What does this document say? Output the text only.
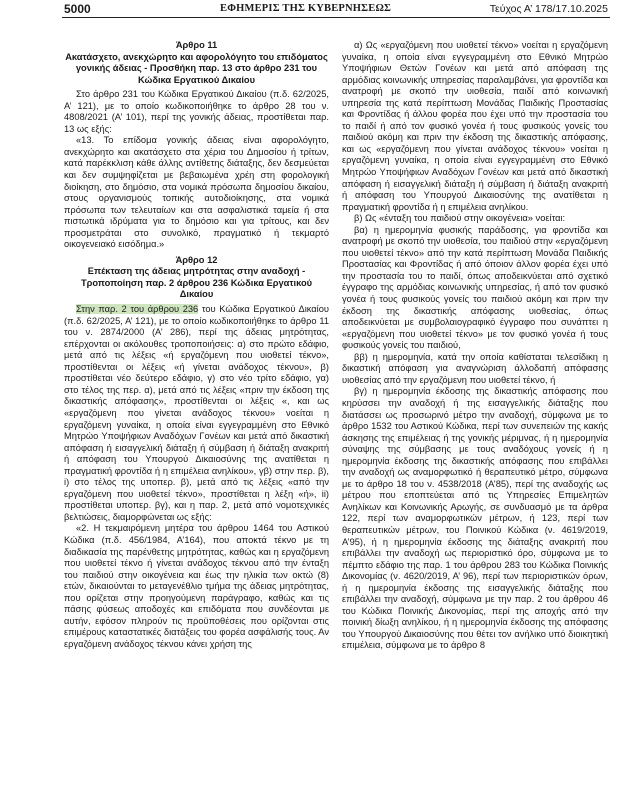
5000	ΕΦΗΜΕΡΙΣ ΤΗΣ ΚΥΒΕΡΝΗΣΕΩΣ	Τεύχος Α’ 178/17.10.2025
Άρθρο 11
Ακατάσχετο, ανεκχώρητο και αφορολόγητο του επιδόματος γονικής άδειας - Προσθήκη παρ. 13 στο άρθρο 231 του Κώδικα Εργατικού Δικαίου

Στο άρθρο 231 του Κώδικα Εργατικού Δικαίου (π.δ. 62/2025, Α’ 121), με το οποίο κωδικοποιήθηκε το άρθρο 28 του ν. 4808/2021 (Α’ 101), περί της γονικής άδειας, προστίθεται παρ. 13 ως εξής:

«13. Το επίδομα γονικής άδειας είναι αφορολόγητο, ανεκχώρητο και ακατάσχετο στα χέρια του Δημοσίου ή τρίτων, κατά παρέκκλιση κάθε άλλης αντίθετης διάταξης, δεν δεσμεύεται και δεν συμψηφίζεται με βεβαιωμένα χρέη στη φορολογική διοίκηση, στο δημόσιο, στα νομικά πρόσωπα δημοσίου δικαίου, στους οργανισμούς τοπικής αυτοδιοίκησης, στα νομικά πρόσωπα των τελευταίων και στα ασφαλιστικά ταμεία ή στα πιστωτικά ιδρύματα για το δημόσιο και για τρίτους, και δεν προσμετράται στο συνολικό, πραγματικό ή τεκμαρτό οικογενειακό εισόδημα.»

Άρθρο 12
Επέκταση της άδειας μητρότητας στην αναδοχή - Τροποποίηση παρ. 2 άρθρου 236 Κώδικα Εργατικού Δικαίου

Στην παρ. 2 του άρθρου 236 του Κώδικα Εργατικού Δικαίου (π.δ. 62/2025, Α’ 121), με το οποίο κωδικοποιήθηκε το άρθρο 11 του ν. 2874/2000 (Α’ 286), περί της άδειας μητρότητας, επέρχονται οι ακόλουθες τροποποιήσεις: α) στο πρώτο εδάφιο, μετά από τις λέξεις «ή εργαζόμενη που υιοθετεί τέκνο», προστίθενται οι λέξεις «ή γίνεται ανάδοχος τέκνου», β) προστίθεται νέο δεύτερο εδάφιο, γ) στο νέο τρίτο εδάφιο, γα) στο τέλος της περ. α), μετά από τις λέξεις «πριν την έκδοση της δικαστικής απόφασης», προστίθενται οι λέξεις «, και ως «εργαζόμενη που γίνεται ανάδοχος τέκνου» νοείται η εργαζόμενη γυναίκα, η οποία είναι εγγεγραμμένη στο Εθνικό Μητρώο Υποψήφιων Αναδόχων Γονέων και μετά από δικαστική απόφαση ή εισαγγελική διάταξη ή σύμβαση ή διάταξη ανακριτή ή απόφαση του Υπουργού Δικαιοσύνης της ανατίθεται η πραγματική φροντίδα ή η επιμέλεια ανηλίκου», γβ) στην περ. β), i) στο τέλος της υποπερ. β), μετά από τις λέξεις «από την εργαζόμενη που υιοθετεί τέκνο», προστίθεται η λέξη «ή», ii) προστίθεται υποπερ. βγ), και η παρ. 2, μετά από νομοτεχνικές βελτιώσεις, διαμορφώνεται ως εξής:

«2. Η τεκμαιρόμενη μητέρα του άρθρου 1464 του Αστικού Κώδικα (π.δ. 456/1984, Α’164), που αποκτά τέκνο με τη διαδικασία της παρένθετης μητρότητας, καθώς και η εργαζόμενη που υιοθετεί τέκνο ή γίνεται ανάδοχος τέκνου από την ένταξη του παιδιού στην οικογένεια και έως την ηλικία των οκτώ (8) ετών, δικαιούνται το μεταγενέθλιο τμήμα της άδειας μητρότητας, που ορίζεται στην προηγούμενη παράγραφο, καθώς και τις πάσης φύσεως αποδοχές και επιδόματα που συνδέονται με αυτήν, εφόσον πληρούν τις προϋποθέσεις που ορίζονται στις επιμέρους καταστατικές διατάξεις του φορέα ασφάλισής τους. Αν εργαζόμενη ανάδοχος τέκνου κάνει χρήση της

α) Ως «εργαζόμενη που υιοθετεί τέκνο» νοείται η εργαζόμενη γυναίκα, η οποία είναι εγγεγραμμένη στο Εθνικό Μητρώο Υποψήφιων Θετών Γονέων και μετά από απόφαση της αρμόδιας κοινωνικής υπηρεσίας παραλαμβάνει, για φροντίδα και ανατροφή με σκοπό την υιοθεσία, παιδί από κοινωνική υπηρεσία της κατά περίπτωση Μονάδας Παιδικής Προστασίας και Φροντίδας ή άλλου φορέα που έχει υπό την προστασία του το παιδί ή από τον φυσικό γονέα ή τους φυσικούς γονείς του παιδιού ακόμη και πριν την έκδοση της δικαστικής απόφασης, και ως «εργαζόμενη που γίνεται ανάδοχος τέκνου» νοείται η εργαζόμενη γυναίκα, η οποία είναι εγγεγραμμένη στο Εθνικό Μητρώο Υποψήφιων Αναδόχων Γονέων και μετά από δικαστική απόφαση ή εισαγγελική διάταξη ή σύμβαση ή διάταξη ανακριτή ή απόφαση του Υπουργού Δικαιοσύνης της ανατίθεται η πραγματική φροντίδα ή η επιμέλεια ανηλίκου.

β) Ως «ένταξη του παιδιού στην οικογένεια» νοείται:

βα) η ημερομηνία φυσικής παράδοσης, για φροντίδα και ανατροφή με σκοπό την υιοθεσία, του παιδιού στην «εργαζόμενη που υιοθετεί τέκνο» από την κατά περίπτωση Μονάδα Παιδικής Προστασίας και Φροντίδας ή από όποιον άλλον φορέα έχει υπό την προστασία του το παιδί, όπως αποδεικνύεται από σχετικό έγγραφο της αρμόδιας κοινωνικής υπηρεσίας, ή από τον φυσικό γονέα ή τους φυσικούς γονείς του παιδιού ακόμη και πριν την έκδοση της δικαστικής απόφασης υιοθεσίας, όπως αποδεικνύεται με συμβολαιογραφικό έγγραφο που συνάπτει η «εργαζόμενη που υιοθετεί τέκνο» με τον φυσικό γονέα ή τους φυσικούς γονείς του παιδιού,

ββ) η ημερομηνία, κατά την οποία καθίσταται τελεσίδικη η δικαστική απόφαση για αναγνώριση άλλοδαπή απόφασης υιοθεσίας από την εργαζόμενη που υιοθετεί τέκνο, ή

βγ) η ημερομηνία έκδοσης της δικαστικής απόφασης που κηρύσσει την αναδοχή ή της εισαγγελικής διάταξης που διατάσσει ως προσωρινό μέτρο την αναδοχή, σύμφωνα με το άρθρο 1532 του Αστικού Κώδικα, περί των συνεπειών της κακής άσκησης της επιμέλειας ή της γονικής μέριμνας, ή η ημερομηνία σύναψης της σύμβασης με τους αναδόχους γονείς ή η ημερομηνία έκδοσης της δικαστικής απόφασης που επιβάλλει την αναδοχή ως αναμορφωτικό ή θεραπευτικό μέτρο, σύμφωνα με το άρθρο 18 του ν. 4538/2018 (Α’85), περί της αναδοχής ως μέτρου που εποπτεύεται από τις Υπηρεσίες Επιμελητών Ανηλίκων και Κοινωνικής Αρωγής, σε συνδυασμό με τα άρθρα 122, περί των αναμορφωτικών μέτρων, ή 123, περί των θεραπευτικών μέτρων, του Ποινικού Κώδικα (ν. 4619/2019, Α’95), ή η ημερομηνία έκδοσης της διάταξης ανακριτή που επιβάλλει την αναδοχή ως περιοριστικό όρο, σύμφωνα με το πέμπτο εδάφιο της παρ. 1 του άρθρου 283 του Κώδικα Ποινικής Δικονομίας (ν. 4620/2019, Α’ 96), περί των περιοριστικών όρων, ή η ημερομηνία έκδοσης της εισαγγελικής διάταξης που επιβάλλει την αναδοχή, σύμφωνα με την παρ. 2 του άρθρου 46 του Κώδικα Ποινικής Δικονομίας, περί της αποχής από την ποινική δίωξη ανηλίκου, ή η ημερομηνία έκδοσης της απόφασης του Υπουργού Δικαιοσύνης που θέτει τον ανήλικο υπό διοικητική επιμέλεια, σύμφωνα με το άρθρο 8
